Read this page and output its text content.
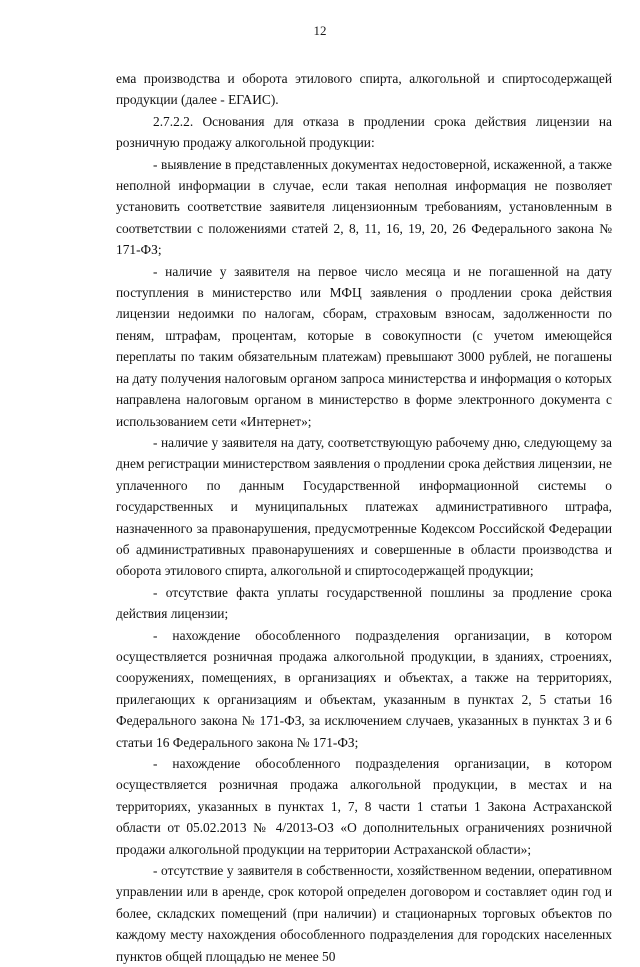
12

ема производства и оборота этилового спирта, алкогольной и спиртосодержащей продукции (далее - ЕГАИС).

2.7.2.2. Основания для отказа в продлении срока действия лицензии на розничную продажу алкогольной продукции:

- выявление в представленных документах недостоверной, искаженной, а также неполной информации в случае, если такая неполная информация не позволяет установить соответствие заявителя лицензионным требованиям, установленным в соответствии с положениями статей 2, 8, 11, 16, 19, 20, 26 Федерального закона № 171-ФЗ;

- наличие у заявителя на первое число месяца и не погашенной на дату поступления в министерство или МФЦ заявления о продлении срока действия лицензии недоимки по налогам, сборам, страховым взносам, задолженности по пеням, штрафам, процентам, которые в совокупности (с учетом имеющейся переплаты по таким обязательным платежам) превышают 3000 рублей, не погашены на дату получения налоговым органом запроса министерства и информация о которых направлена налоговым органом в министерство в форме электронного документа с использованием сети «Интернет»;

- наличие у заявителя на дату, соответствующую рабочему дню, следующему за днем регистрации министерством заявления о продлении срока действия лицензии, не уплаченного по данным Государственной информационной системы о государственных и муниципальных платежах административного штрафа, назначенного за правонарушения, предусмотренные Кодексом Российской Федерации об административных правонарушениях и совершенные в области производства и оборота этилового спирта, алкогольной и спиртосодержащей продукции;

- отсутствие факта уплаты государственной пошлины за продление срока действия лицензии;

- нахождение обособленного подразделения организации, в котором осуществляется розничная продажа алкогольной продукции, в зданиях, строениях, сооружениях, помещениях, в организациях и объектах, а также на территориях, прилегающих к организациям и объектам, указанным в пунктах 2, 5 статьи 16 Федерального закона № 171-ФЗ, за исключением случаев, указанных в пунктах 3 и 6 статьи 16 Федерального закона № 171-ФЗ;

- нахождение обособленного подразделения организации, в котором осуществляется розничная продажа алкогольной продукции, в местах и на территориях, указанных в пунктах 1, 7, 8 части 1 статьи 1 Закона Астраханской области от 05.02.2013 № 4/2013-ОЗ «О дополнительных ограничениях розничной продажи алкогольной продукции на территории Астраханской области»;

- отсутствие у заявителя в собственности, хозяйственном ведении, оперативном управлении или в аренде, срок которой определен договором и составляет один год и более, складских помещений (при наличии) и стационарных торговых объектов по каждому месту нахождения обособленного подразделения для городских населенных пунктов общей площадью не менее 50
